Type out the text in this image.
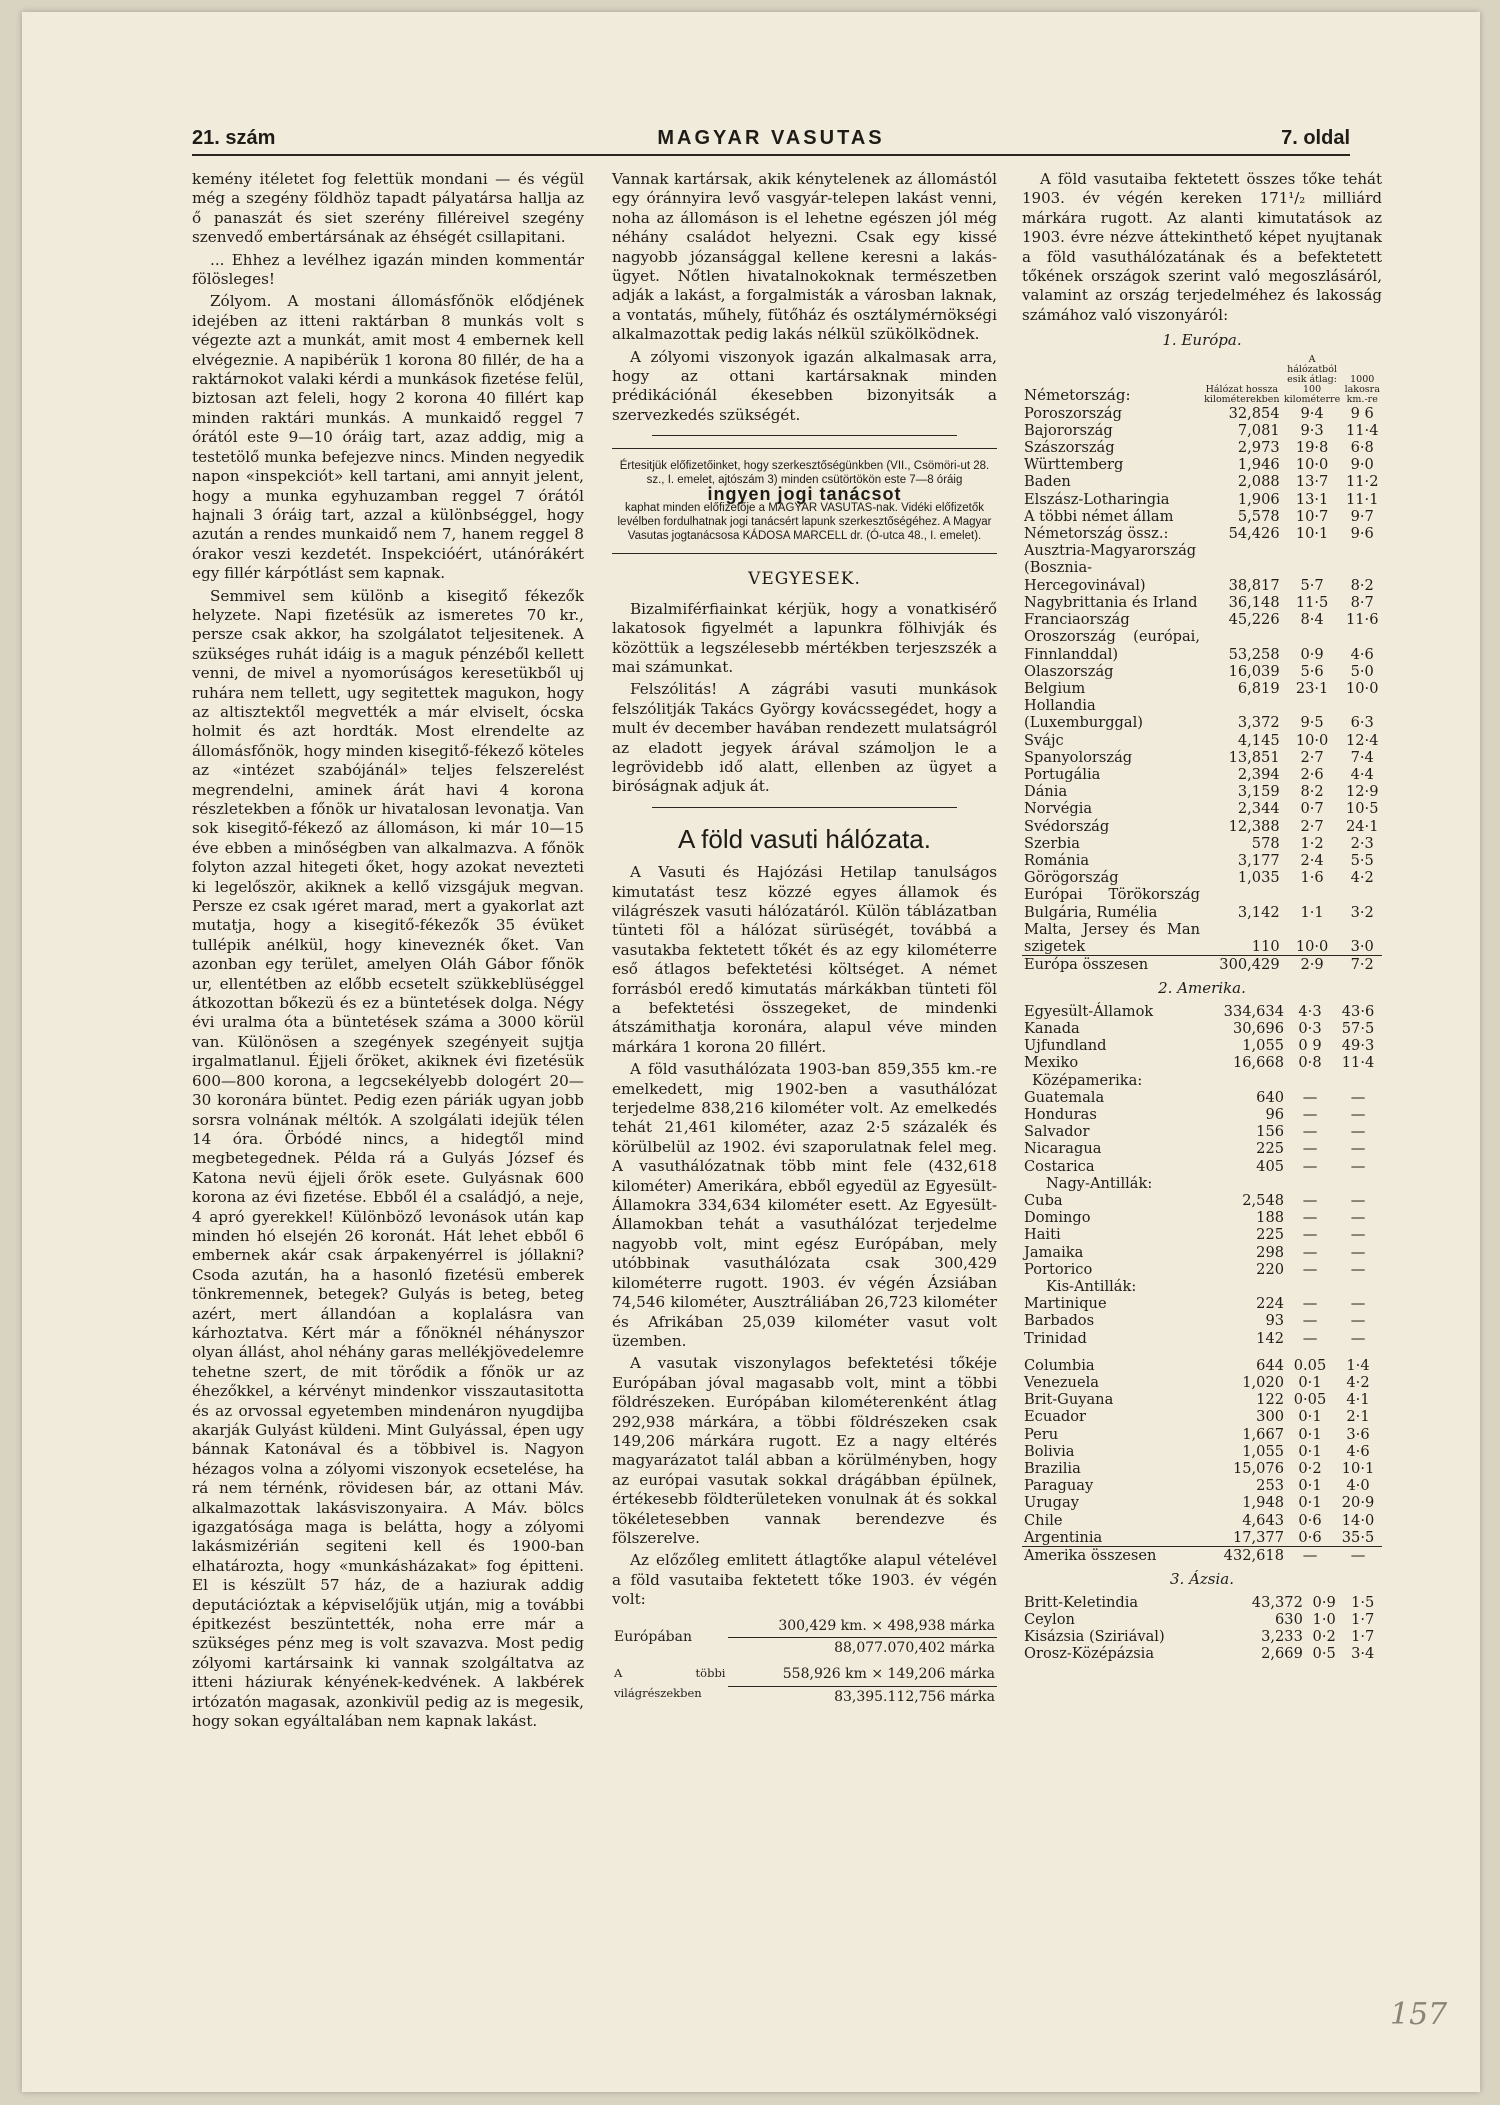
21. szám	MAGYAR VASUTAS	7. oldal

kemény itéletet fog felettük mondani — és végül még a szegény földhöz tapadt pályatársa hallja az ő panaszát és siet szerény filléreivel szegény szenvedő embertársának az éhségét csillapitani.

... Ehhez a levélhez igazán minden kommentár fölösleges!

Zólyom. A mostani állomásfőnök elődjének idejében az itteni raktárban 8 munkás volt s végezte azt a munkát, amit most 4 embernek kell elvégeznie. A napibérük 1 korona 80 fillér, de ha a raktárnokot valaki kérdi a munkások fizetése felül, biztosan azt feleli, hogy 2 korona 40 fillért kap minden raktári munkás. A munkaidő reggel 7 órától este 9—10 óráig tart, azaz addig, mig a testetölő munka befejezve nincs. Minden negyedik napon «inspekciót» kell tartani, ami annyit jelent, hogy a munka egyhuzamban reggel 7 órától hajnali 3 óráig tart, azzal a különbséggel, hogy azután a rendes munkaidő nem 7, hanem reggel 8 órakor veszi kezdetét. Inspekcióért, utánórákért egy fillér kárpótlást sem kapnak.

Semmivel sem különb a kisegitő fékezők helyzete. Napi fizetésük az ismeretes 70 kr., persze csak akkor, ha szolgálatot teljesitenek. A szükséges ruhát idáig is a maguk pénzéből kellett venni, de mivel a nyomorúságos keresetükből uj ruhára nem tellett, ugy segitettek magukon, hogy az altisztektől megvették a már elviselt, ócska holmit és azt hordták. Most elrendelte az állomásfőnök, hogy minden kisegitő-fékező köteles az «intézet szabójánál» teljes felszerelést megrendelni, aminek árát havi 4 korona részletekben a főnök ur hivatalosan levonatja. Van sok kisegitő-fékező az állomáson, ki már 10—15 éve ebben a minőségben van alkalmazva. A főnök folyton azzal hitegeti őket, hogy azokat nevezteti ki legelőször, akiknek a kellő vizsgájuk megvan. Persze ez csak ıgéret marad, mert a gyakorlat azt mutatja, hogy a kisegitő-fékezők 35 évüket tullépik anélkül, hogy kineveznék őket. Van azonban egy terület, amelyen Oláh Gábor főnök ur, ellentétben az előbb ecsetelt szükkeblüséggel átkozottan bőkezü és ez a büntetések dolga. Négy évi uralma óta a büntetések száma a 3000 körül van. Különösen a szegények szegényeit sujtja irgalmatlanul. Éjjeli őröket, akiknek évi fizetésük 600—800 korona, a legcsekélyebb dologért 20—30 koronára büntet. Pedig ezen páriák ugyan jobb sorsra volnának méltók. A szolgálati idejük télen 14 óra. Örbódé nincs, a hidegtől mind megbetegednek. Példa rá a Gulyás József és Katona nevü éjjeli őrök esete. Gulyásnak 600 korona az évi fizetése. Ebből él a családjó, a neje, 4 apró gyerekkel! Különböző levonások után kap minden hó elsején 26 koronát. Hát lehet ebből 6 embernek akár csak árpakenyérrel is jóllakni? Csoda azután, ha a hasonló fizetésü emberek tönkremennek, betegek? Gulyás is beteg, beteg azért, mert állandóan a koplalásra van kárhoztatva. Kért már a főnöknél néhányszor olyan állást, ahol néhány garas mellékjövedelemre tehetne szert, de mit törődik a főnök ur az éhezőkkel, a kérvényt mindenkor visszautasitotta és az orvossal egyetemben mindenáron nyugdijba akarják Gulyást küldeni. Mint Gulyással, épen ugy bánnak Katonával és a többivel is. Nagyon hézagos volna a zólyomi viszonyok ecsetelése, ha rá nem térnénk, rövidesen bár, az ottani Máv. alkalmazottak lakásviszonyaira. A Máv. bölcs igazgatósága maga is belátta, hogy a zólyomi lakásmizérián segiteni kell és 1900-ban elhatározta, hogy «munkásházakat» fog épitteni. El is készült 57 ház, de a haziurak addig deputációztak a képviselőjük utján, mig a további épitkezést beszüntették, noha erre már a szükséges pénz meg is volt szavazva. Most pedig zólyomi kartársaink ki vannak szolgáltatva az itteni háziurak kényének-kedvének. A lakbérek irtózatón magasak, azonkivül pedig az is megesik, hogy sokan egyáltalában nem kapnak lakást.

Vannak kartársak, akik kénytelenek az állomástól egy óránnyira levő vasgyár-telepen lakást venni, noha az állomáson is el lehetne egészen jól még néhány családot helyezni. Csak egy kissé nagyobb józansággal kellene keresni a lakás-ügyet. Nőtlen hivatalnokoknak természetben adják a lakást, a forgalmisták a városban laknak, a vontatás, műhely, fütőház és osztálymérnökségi alkalmazottak pedig lakás nélkül szükölködnek.

A zólyomi viszonyok igazán alkalmasak arra, hogy az ottani kartársaknak minden prédikációnál ékesebben bizonyitsák a szervezkedés szükségét.

Értesitjük előfizetőinket, hogy szerkesztőségünkben (VII., Csömöri-ut 28. sz., I. emelet, ajtószám 3) minden csütörtökön este 7—8 óráig
ingyen jogi tanácsot
kaphat minden előfizetője a MAGYAR VASUTAS-nak. Vidéki előfizetők levélben fordulhatnak jogi tanácsért lapunk szerkesztőségéhez. A Magyar Vasutas jogtanácsosa KÁDOSA MARCELL dr. (Ó-utca 48., I. emelet).
VEGYESEK.

Bizalmiférfiainkat kérjük, hogy a vonatkisérő lakatosok figyelmét a lapunkra fölhivják és közöttük a legszélesebb mértékben terjeszszék a mai számunkat.

Felszólitás! A zágrábi vasuti munkások felszólitják Takács György kovácssegédet, hogy a mult év december havában rendezett mulatságról az eladott jegyek árával számoljon le a legrövidebb idő alatt, ellenben az ügyet a biróságnak adjuk át.

A föld vasuti hálózata.

A Vasuti és Hajózási Hetilap tanulságos kimutatást tesz közzé egyes államok és világrészek vasuti hálózatáról. Külön táblázatban tünteti föl a hálózat sürüségét, továbbá a vasutakba fektetett tőkét és az egy kilométerre eső átlagos befektetési költséget. A német forrásból eredő kimutatás márkákban tünteti föl a befektetési összegeket, de mindenki átszámithatja koronára, alapul véve minden márkára 1 korona 20 fillért.

A föld vasuthálózata 1903-ban 859,355 km.-re emelkedett, mig 1902-ben a vasuthálózat terjedelme 838,216 kilométer volt. Az emelkedés tehát 21,461 kilométer, azaz 2·5 százalék és körülbelül az 1902. évi szaporulatnak felel meg. A vasuthálózatnak több mint fele (432,618 kilométer) Amerikára, ebből egyedül az Egyesült-Államokra 334,634 kilométer esett. Az Egyesült-Államokban tehát a vasuthálózat terjedelme nagyobb volt, mint egész Európában, mely utóbbinak vasuthálózata csak 300,429 kilométerre rugott. 1903. év végén Ázsiában 74,546 kilométer, Ausztráliában 26,723 kilométer és Afrikában 25,039 kilométer vasut volt üzemben.

A vasutak viszonylagos befektetési tőkéje Európában jóval magasabb volt, mint a többi földrészeken. Európában kilométerenként átlag 292,938 márkára, a többi földrészeken csak 149,206 márkára rugott. Ez a nagy eltérés magyarázatot talál abban a körülményben, hogy az európai vasutak sokkal drágábban épülnek, értékesebb földterületeken vonulnak át és sokkal tökéletesebben vannak berendezve és fölszerelve.

Az előzőleg emlitett átlagtőke alapul vételével a föld vasutaiba fektetett tőke 1903. év végén volt:

Európában	300,429 km. × 498,938 márka
	88,077.070,402 márka
A többi világrészekben	558,926 km × 149,206 márka
	83,395.112,756 márka

A föld vasutaiba fektetett összes tőke tehát 1903. év végén kereken 171¹/₂ milliárd márkára rugott. Az alanti kimutatások az 1903. évre nézve áttekinthető képet nyujtanak a föld vasuthálózatának és a befektetett tőkének országok szerint való megoszlásáról, valamint az ország terjedelméhez és lakosság számához való viszonyáról:

1. Európa.
Németország:	Hálózat hossza kilométerekben	A hálózatból esik átlag: 100 kilométerre	1000 lakosra km.-re
Poroszország	32,854	9·4	9 6
Bajorország	7,081	9·3	11·4
Szászország	2,973	19·8	6·8
Württemberg	1,946	10·0	9·0
Baden	2,088	13·7	11·2
Elszász-Lotharingia	1,906	13·1	11·1
A többi német állam	5,578	10·7	9·7
Németország össz.:	54,426	10·1	9·6
Ausztria-Magyarország (Bosznia-Hercegovinával)	38,817	5·7	8·2
Nagybrittania és Irland	36,148	11·5	8·7
Franciaország	45,226	8·4	11·6
Oroszország (európai, Finnlanddal)	53,258	0·9	4·6
Olaszország	16,039	5·6	5·0
Belgium	6,819	23·1	10·0
Hollandia (Luxemburggal)	3,372	9·5	6·3
Svájc	4,145	10·0	12·4
Spanyolország	13,851	2·7	7·4
Portugália	2,394	2·6	4·4
Dánia	3,159	8·2	12·9
Norvégia	2,344	0·7	10·5
Svédország	12,388	2·7	24·1
Szerbia	578	1·2	2·3
Románia	3,177	2·4	5·5
Görögország	1,035	1·6	4·2
Európai Törökország Bulgária, Rumélia	3,142	1·1	3·2
Malta, Jersey és Man szigetek	110	10·0	3·0
Európa összesen	300,429	2·9	7·2
2. Amerika.
Egyesült-Államok	334,634	4·3	43·6
Kanada	30,696	0·3	57·5
Ujfundland	1,055	0 9	49·3
Mexiko	16,668	0·8	11·4
Középamerika:			
Guatemala	640	—	—
Honduras	96	—	—
Salvador	156	—	—
Nicaragua	225	—	—
Costarica	405	—	—
Nagy-Antillák:			
Cuba	2,548	—	—
Domingo	188	—	—
Haiti	225	—	—
Jamaika	298	—	—
Portorico	220	—	—
Kis-Antillák:			
Martinique	224	—	—
Barbados	93	—	—
Trinidad	142	—	—

Columbia	644	0.05	1·4
Venezuela	1,020	0·1	4·2
Brit-Guyana	122	0·05	4·1
Ecuador	300	0·1	2·1
Peru	1,667	0·1	3·6
Bolivia	1,055	0·1	4·6
Brazilia	15,076	0·2	10·1
Paraguay	253	0·1	4·0
Urugay	1,948	0·1	20·9
Chile	4,643	0·6	14·0
Argentinia	17,377	0·6	35·5
Amerika összesen	432,618	—	—
3. Ázsia.
Britt-Keletindia	43,372	0·9	1·5
Ceylon	630	1·0	1·7
Kisázsia (Sziriával)	3,233	0·2	1·7
Orosz-Középázsia	2,669	0·5	3·4
157
